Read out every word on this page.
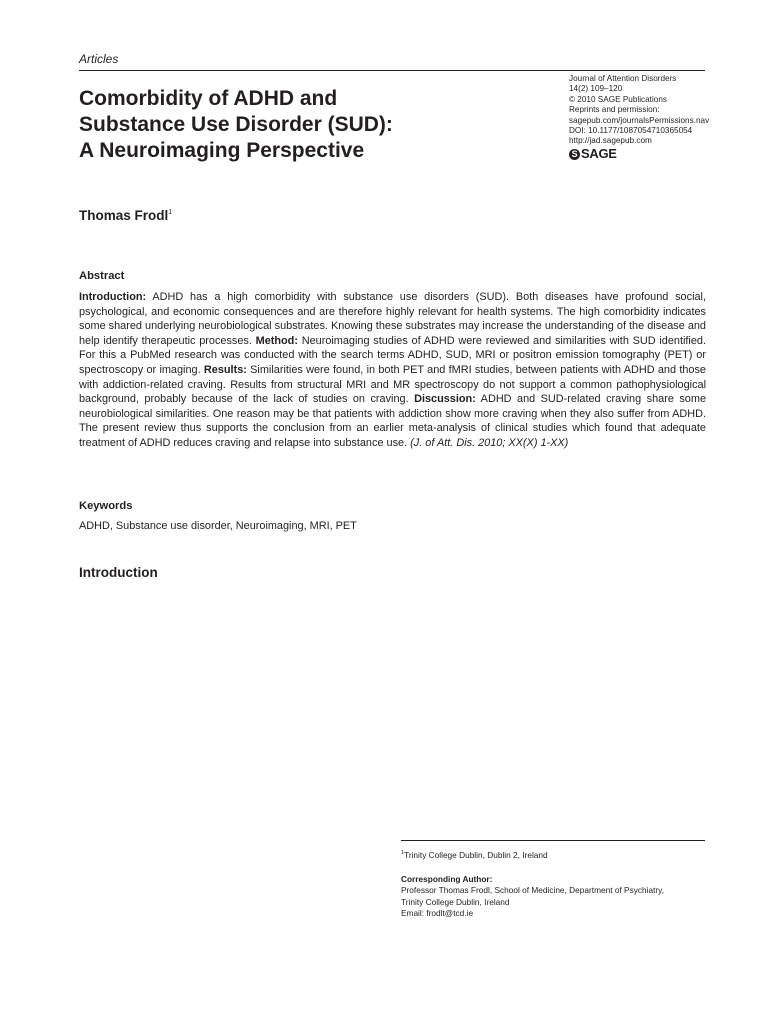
Articles
Comorbidity of ADHD and
Substance Use Disorder (SUD):
A Neuroimaging Perspective
Journal of Attention Disorders
14(2) 109–120
© 2010 SAGE Publications
Reprints and permission:
sagepub.com/journalsPermissions.nav
DOI: 10.1177/1087054710365054
http://jad.sagepub.com
S SAGE
Thomas Frodl$^1$
Abstract

Introduction: ADHD has a high comorbidity with substance use disorders (SUD). Both diseases have profound social, psychological, and economic consequences and are therefore highly relevant for health systems. The high comorbidity indicates some shared underlying neurobiological substrates. Knowing these substrates may increase the understanding of the disease and help identify therapeutic processes. Method: Neuroimaging studies of ADHD were reviewed and similarities with SUD identified. For this a PubMed research was conducted with the search terms ADHD, SUD, MRI or positron emission tomography (PET) or spectroscopy or imaging. Results: Similarities were found, in both PET and fMRI studies, between patients with ADHD and those with addiction-related craving. Results from structural MRI and MR spectroscopy do not support a common pathophysiological background, probably because of the lack of studies on craving. Discussion: ADHD and SUD-related craving share some neurobiological similarities. One reason may be that patients with addiction show more craving when they also suffer from ADHD. The present review thus supports the conclusion from an earlier meta-analysis of clinical studies which found that adequate treatment of ADHD reduces craving and relapse into substance use. (J. of Att. Dis. 2010; XX(X) 1-XX)

Keywords
ADHD, Substance use disorder, Neuroimaging, MRI, PET
Introduction
$^1$Trinity College Dublin, Dublin 2, Ireland
Corresponding Author:
Professor Thomas Frodl, School of Medicine, Department of Psychiatry,
Trinity College Dublin, Ireland
Email: frodlt@tcd.ie
